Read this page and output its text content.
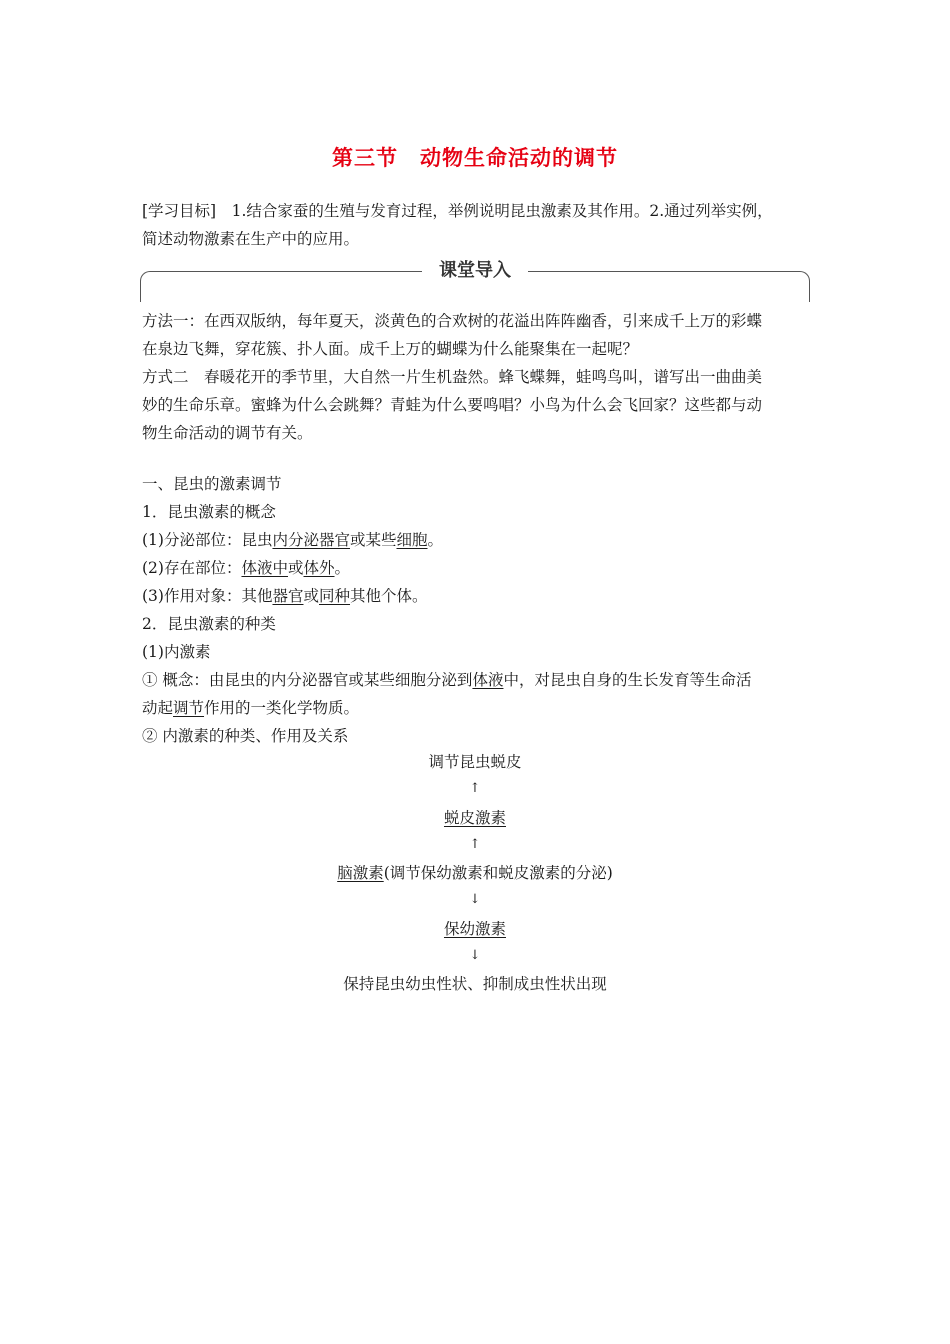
第三节　动物生命活动的调节
[学习目标]　1.结合家蚕的生殖与发育过程，举例说明昆虫激素及其作用。2.通过列举实例，
简述动物激素在生产中的应用。
课堂导入
方法一：在西双版纳，每年夏天，淡黄色的合欢树的花溢出阵阵幽香，引来成千上万的彩蝶
在泉边飞舞，穿花簇、扑人面。成千上万的蝴蝶为什么能聚集在一起呢？
方式二　春暖花开的季节里，大自然一片生机盎然。蜂飞蝶舞，蛙鸣鸟叫，谱写出一曲曲美
妙的生命乐章。蜜蜂为什么会跳舞？青蛙为什么要鸣唱？小鸟为什么会飞回家？这些都与动
物生命活动的调节有关。
一、昆虫的激素调节
1．昆虫激素的概念
(1)分泌部位：昆虫内分泌器官或某些细胞。
(2)存在部位：体液中或体外。
(3)作用对象：其他器官或同种其他个体。
2．昆虫激素的种类
(1)内激素
① 概念：由昆虫的内分泌器官或某些细胞分泌到体液中，对昆虫自身的生长发育等生命活
动起调节作用的一类化学物质。
② 内激素的种类、作用及关系
调节昆虫蜕皮
↑
蜕皮激素
↑
脑激素(调节保幼激素和蜕皮激素的分泌)
↓
保幼激素
↓
保持昆虫幼虫性状、抑制成虫性状出现
